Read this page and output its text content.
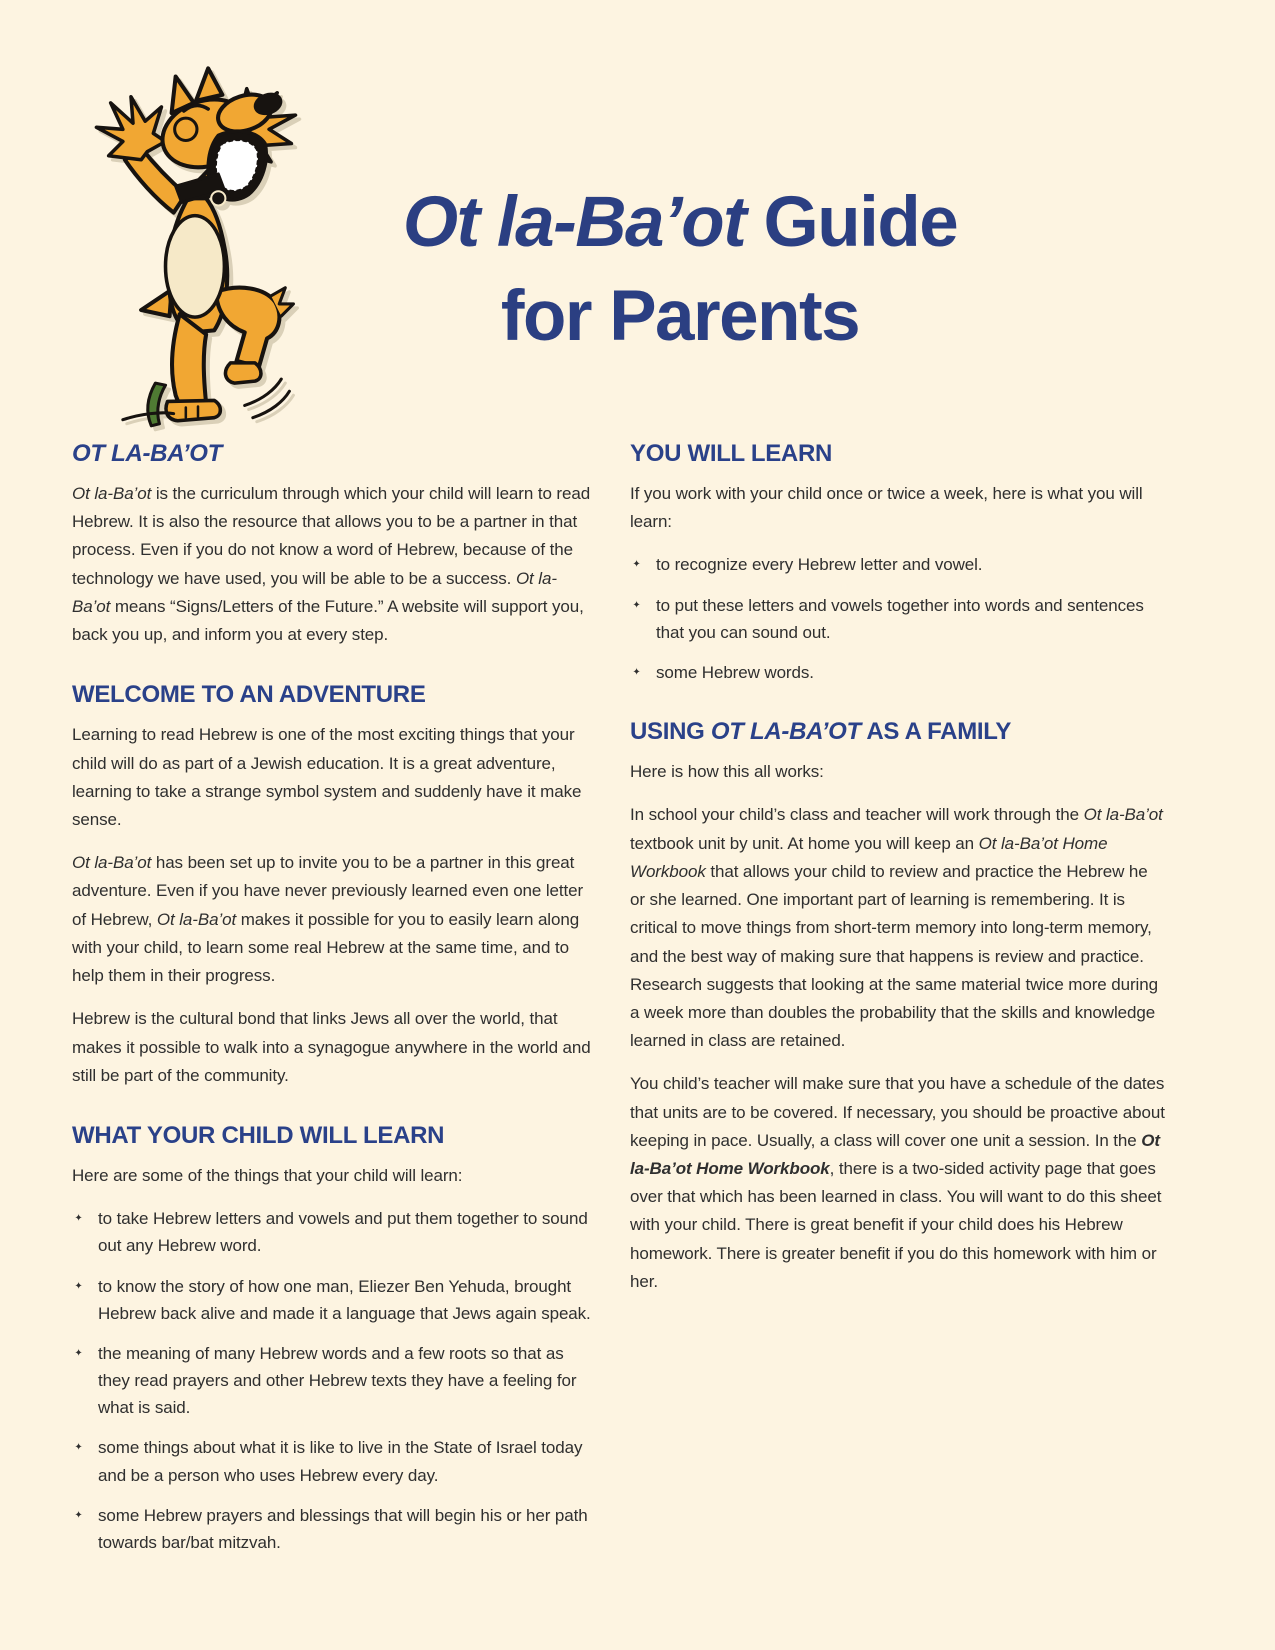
Ot la-Ba’ot Guide
for Parents
OT LA-BA’OT

Ot la-Ba’ot is the curriculum through which your child will learn to read Hebrew. It is also the resource that allows you to be a partner in that process. Even if you do not know a word of Hebrew, because of the technology we have used, you will be able to be a success. Ot la-Ba’ot means “Signs/Letters of the Future.” A website will support you, back you up, and inform you at every step.

WELCOME TO AN ADVENTURE

Learning to read Hebrew is one of the most exciting things that your child will do as part of a Jewish education. It is a great adventure, learning to take a strange symbol system and suddenly have it make sense.

Ot la-Ba’ot has been set up to invite you to be a partner in this great adventure. Even if you have never previously learned even one letter of Hebrew, Ot la-Ba’ot makes it possible for you to easily learn along with your child, to learn some real Hebrew at the same time, and to help them in their progress.

Hebrew is the cultural bond that links Jews all over the world, that makes it possible to walk into a synagogue anywhere in the world and still be part of the community.

WHAT YOUR CHILD WILL LEARN

Here are some of the things that your child will learn:

✦ to take Hebrew letters and vowels and put them together to sound out any Hebrew word.
✦ to know the story of how one man, Eliezer Ben Yehuda, brought Hebrew back alive and made it a language that Jews again speak.
✦ the meaning of many Hebrew words and a few roots so that as they read prayers and other Hebrew texts they have a feeling for what is said.
✦ some things about what it is like to live in the State of Israel today and be a person who uses Hebrew every day.
✦ some Hebrew prayers and blessings that will begin his or her path towards bar/bat mitzvah.
YOU WILL LEARN

If you work with your child once or twice a week, here is what you will learn:

✦ to recognize every Hebrew letter and vowel.
✦ to put these letters and vowels together into words and sentences that you can sound out.
✦ some Hebrew words.
USING OT LA-BA’OT AS A FAMILY

Here is how this all works:

In school your child’s class and teacher will work through the Ot la-Ba’ot textbook unit by unit. At home you will keep an Ot la-Ba’ot Home Workbook that allows your child to review and practice the Hebrew he or she learned. One important part of learning is remembering. It is critical to move things from short-term memory into long-term memory, and the best way of making sure that happens is review and practice. Research suggests that looking at the same material twice more during a week more than doubles the probability that the skills and knowledge learned in class are retained.

You child’s teacher will make sure that you have a schedule of the dates that units are to be covered. If necessary, you should be proactive about keeping in pace. Usually, a class will cover one unit a session. In the Ot la-Ba’ot Home Workbook, there is a two-sided activity page that goes over that which has been learned in class. You will want to do this sheet with your child. There is great benefit if your child does his Hebrew homework. There is greater benefit if you do this homework with him or her.
